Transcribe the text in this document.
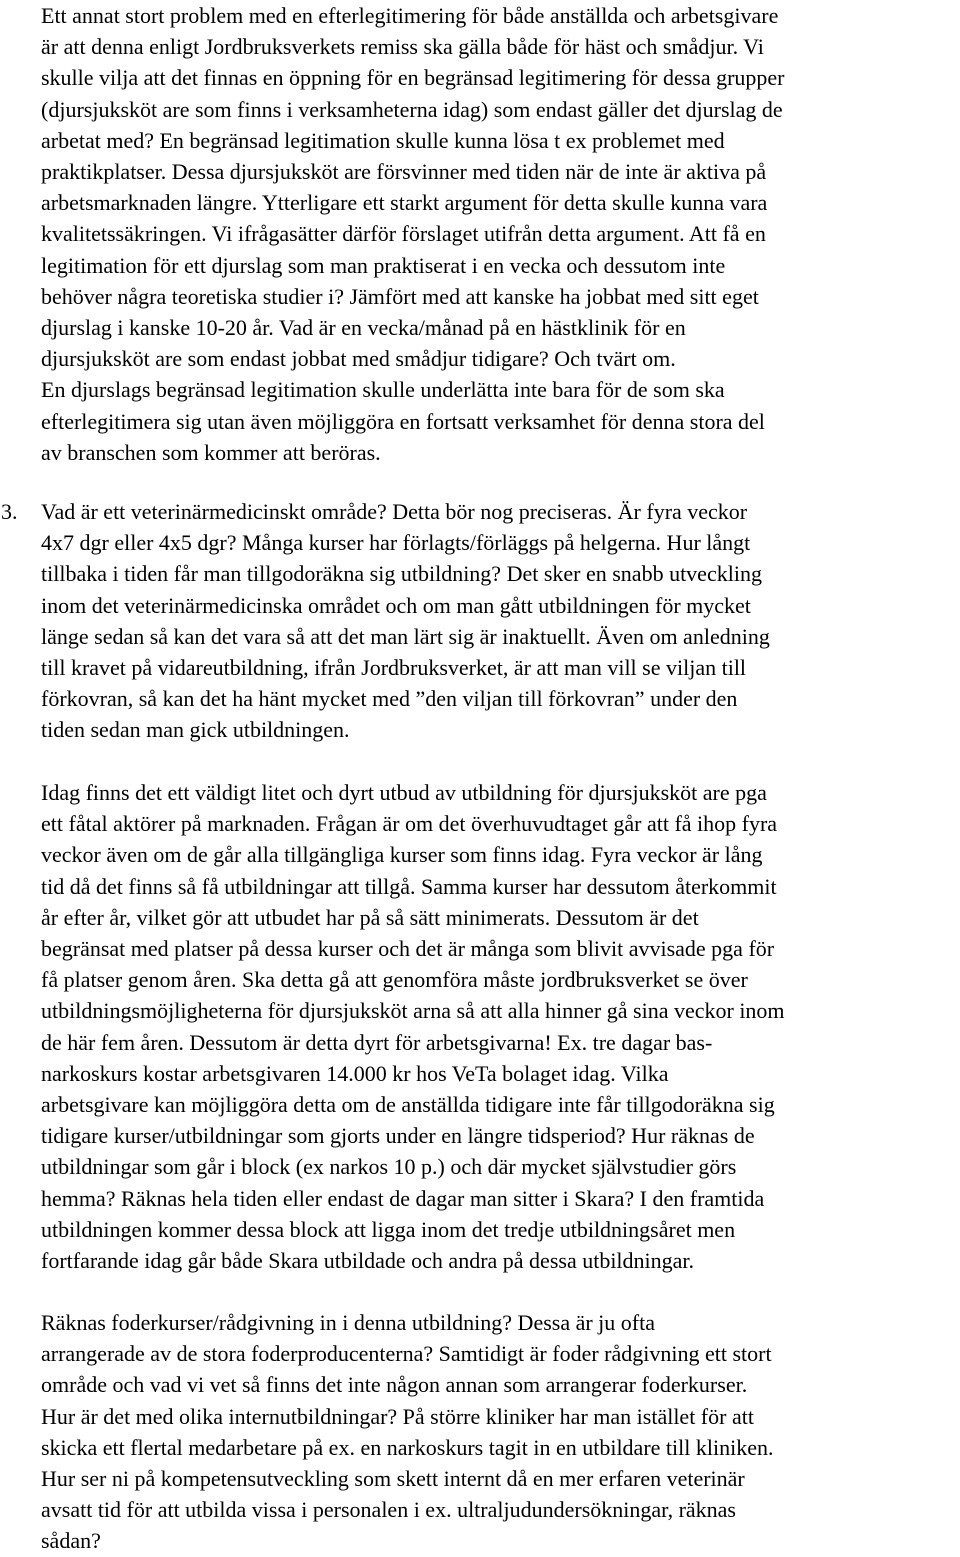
Ett annat stort problem med en efterlegitimering för både anställda och arbetsgivare
är att denna enligt Jordbruksverkets remiss ska gälla både för häst och smådjur. Vi
skulle vilja att det finnas en öppning för en begränsad legitimering för dessa grupper
(djursjuksköt are som finns i verksamheterna idag) som endast gäller det djurslag de
arbetat med? En begränsad legitimation skulle kunna lösa t ex problemet med
praktikplatser. Dessa djursjuksköt are försvinner med tiden när de inte är aktiva på
arbetsmarknaden längre. Ytterligare ett starkt argument för detta skulle kunna vara
kvalitetssäkringen. Vi ifrågasätter därför förslaget utifrån detta argument. Att få en
legitimation för ett djurslag som man praktiserat i en vecka och dessutom inte
behöver några teoretiska studier i? Jämfört med att kanske ha jobbat med sitt eget
djurslag i kanske 10-20 år. Vad är en vecka/månad på en hästklinik för en
djursjuksköt are som endast jobbat med smådjur tidigare? Och tvärt om.
En djurslags begränsad legitimation skulle underlätta inte bara för de som ska
efterlegitimera sig utan även möjliggöra en fortsatt verksamhet för denna stora del
av branschen som kommer att beröras.
3. Vad är ett veterinärmedicinskt område? Detta bör nog preciseras. Är fyra veckor
4x7 dgr eller 4x5 dgr? Många kurser har förlagts/förläggs på helgerna. Hur långt
tillbaka i tiden får man tillgodoräkna sig utbildning? Det sker en snabb utveckling
inom det veterinärmedicinska området och om man gått utbildningen för mycket
länge sedan så kan det vara så att det man lärt sig är inaktuellt. Även om anledning
till kravet på vidareutbildning, ifrån Jordbruksverket, är att man vill se viljan till
förkovran, så kan det ha hänt mycket med ”den viljan till förkovran” under den
tiden sedan man gick utbildningen.
Idag finns det ett väldigt litet och dyrt utbud av utbildning för djursjuksköt are pga
ett fåtal aktörer på marknaden. Frågan är om det överhuvudtaget går att få ihop fyra
veckor även om de går alla tillgängliga kurser som finns idag. Fyra veckor är lång
tid då det finns så få utbildningar att tillgå. Samma kurser har dessutom återkommit
år efter år, vilket gör att utbudet har på så sätt minimerats. Dessutom är det
begränsat med platser på dessa kurser och det är många som blivit avvisade pga för
få platser genom åren. Ska detta gå att genomföra måste jordbruksverket se över
utbildningsmöjligheterna för djursjuksköt arna så att alla hinner gå sina veckor inom
de här fem åren. Dessutom är detta dyrt för arbetsgivarna! Ex. tre dagar bas-
narkoskurs kostar arbetsgivaren 14.000 kr hos VeTa bolaget idag. Vilka
arbetsgivare kan möjliggöra detta om de anställda tidigare inte får tillgodoräkna sig
tidigare kurser/utbildningar som gjorts under en längre tidsperiod? Hur räknas de
utbildningar som går i block (ex narkos 10 p.) och där mycket självstudier görs
hemma? Räknas hela tiden eller endast de dagar man sitter i Skara? I den framtida
utbildningen kommer dessa block att ligga inom det tredje utbildningsåret men
fortfarande idag går både Skara utbildade och andra på dessa utbildningar.
Räknas foderkurser/rådgivning in i denna utbildning? Dessa är ju ofta
arrangerade av de stora foderproducenterna? Samtidigt är foder rådgivning ett stort
område och vad vi vet så finns det inte någon annan som arrangerar foderkurser.
Hur är det med olika internutbildningar? På större kliniker har man istället för att
skicka ett flertal medarbetare på ex. en narkoskurs tagit in en utbildare till kliniken.
Hur ser ni på kompetensutveckling som skett internt då en mer erfaren veterinär
avsatt tid för att utbilda vissa i personalen i ex. ultraljudundersökningar, räknas
sådan?
